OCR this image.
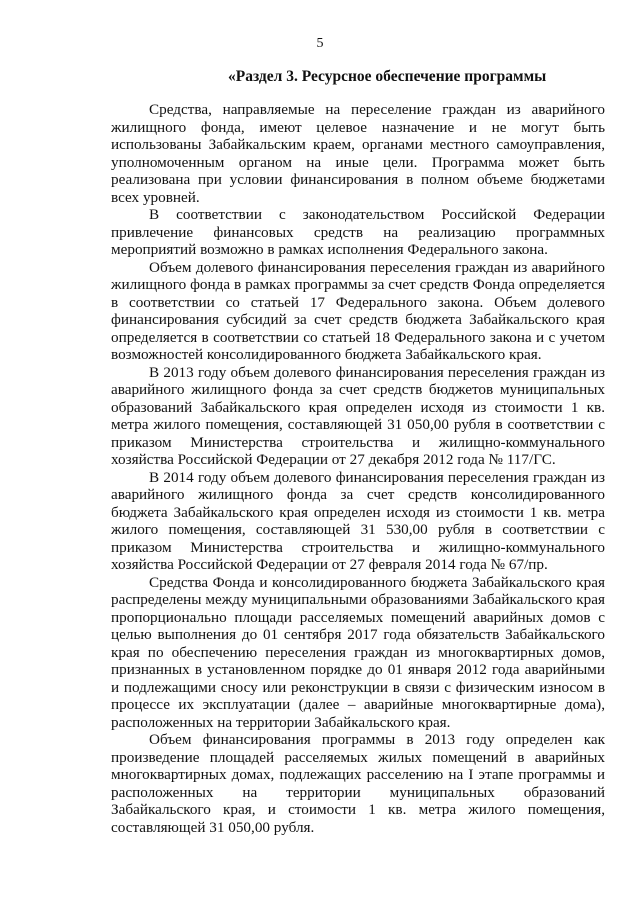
5
«Раздел 3. Ресурсное обеспечение программы

Средства, направляемые на переселение граждан из аварийного жилищного фонда, имеют целевое назначение и не могут быть использованы Забайкальским краем, органами местного самоуправления, уполномоченным органом на иные цели. Программа может быть реализована при условии финансирования в полном объеме бюджетами всех уровней.

В соответствии с законодательством Российской Федерации привлечение финансовых средств на реализацию программных мероприятий возможно в рамках исполнения Федерального закона.

Объем долевого финансирования переселения граждан из аварийного жилищного фонда в рамках программы за счет средств Фонда определяется в соответствии со статьей 17 Федерального закона. Объем долевого финансирования субсидий за счет средств бюджета Забайкальского края определяется в соответствии со статьей 18 Федерального закона и с учетом возможностей консолидированного бюджета Забайкальского края.

В 2013 году объем долевого финансирования переселения граждан из аварийного жилищного фонда за счет средств бюджетов муниципальных образований Забайкальского края определен исходя из стоимости 1 кв. метра жилого помещения, составляющей 31 050,00 рубля в соответствии с приказом Министерства строительства и жилищно-коммунального хозяйства Российской Федерации от 27 декабря 2012 года № 117/ГС.

В 2014 году объем долевого финансирования переселения граждан из аварийного жилищного фонда за счет средств консолидированного бюджета Забайкальского края определен исходя из стоимости 1 кв. метра жилого помещения, составляющей 31 530,00 рубля в соответствии с приказом Министерства строительства и жилищно-коммунального хозяйства Российской Федерации от 27 февраля 2014 года № 67/пр.

Средства Фонда и консолидированного бюджета Забайкальского края распределены между муниципальными образованиями Забайкальского края пропорционально площади расселяемых помещений аварийных домов с целью выполнения до 01 сентября 2017 года обязательств Забайкальского края по обеспечению переселения граждан из многоквартирных домов, признанных в установленном порядке до 01 января 2012 года аварийными и подлежащими сносу или реконструкции в связи с физическим износом в процессе их эксплуатации (далее – аварийные многоквартирные дома), расположенных на территории Забайкальского края.

Объем финансирования программы в 2013 году определен как произведение площадей расселяемых жилых помещений в аварийных многоквартирных домах, подлежащих расселению на I этапе программы и расположенных на территории муниципальных образований Забайкальского края, и стоимости 1 кв. метра жилого помещения, составляющей 31 050,00 рубля.
